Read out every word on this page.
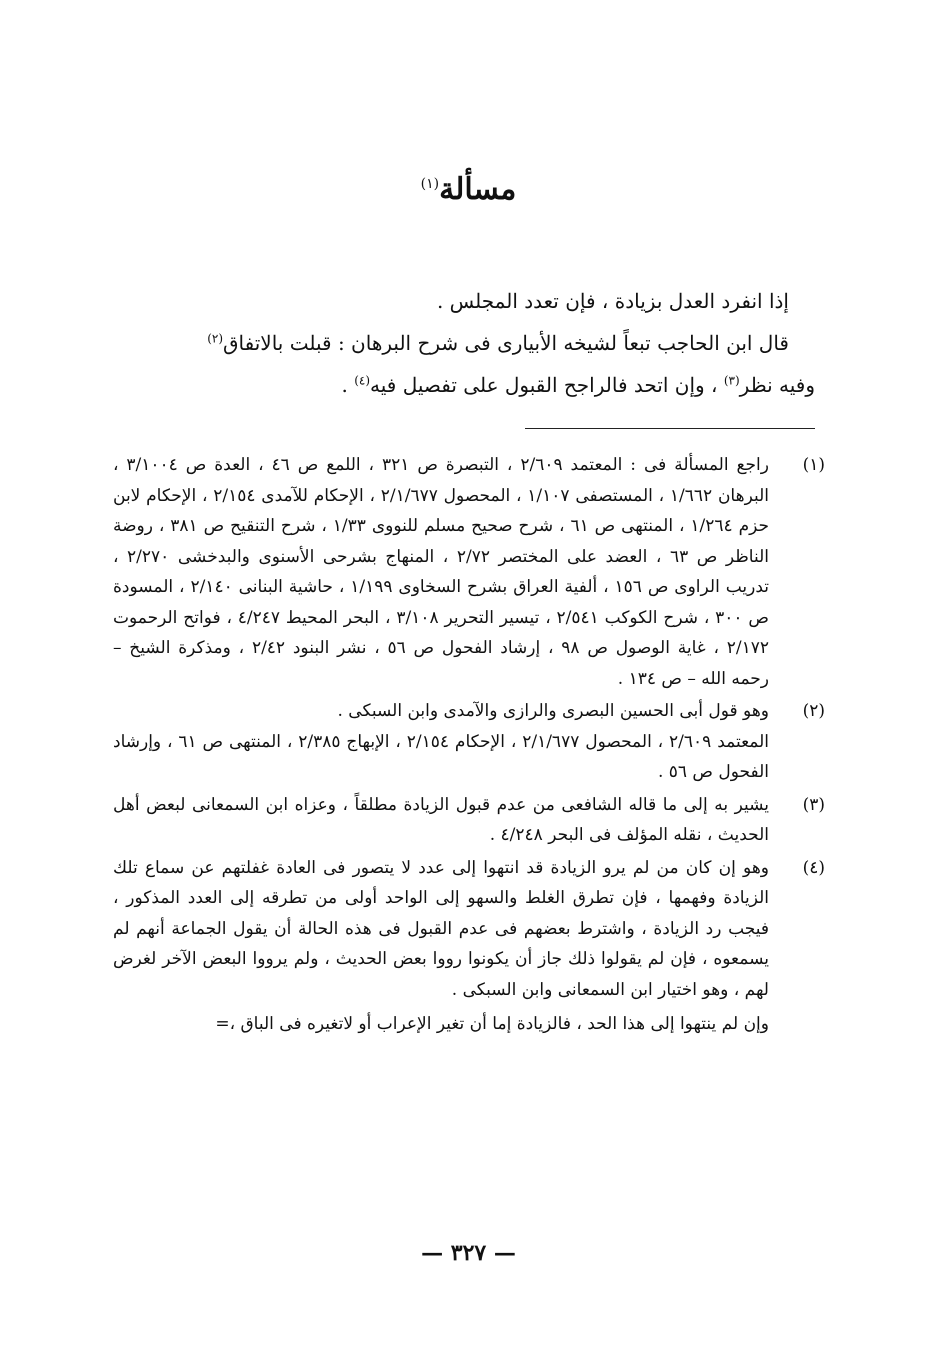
مسألة$^{(١)}$

إذا انفرد العدل بزيادة ، فإن تعدد المجلس .

قال ابن الحاجب تبعاً لشيخه الأبيارى فى شرح البرهان : قبلت بالاتفاق$^{(٢)}$

وفيه نظر$^{(٣)}$ ، وإن اتحد فالراجح القبول على تفصيل فيه$^{(٤)}$ .

(١)

راجع المسألة فى : المعتمد ٢/٦٠٩ ، التبصرة ص ٣٢١ ، اللمع ص ٤٦ ، العدة ص ٣/١٠٠٤ ، البرهان ١/٦٦٢ ، المستصفى ١/١٠٧ ، المحصول ٢/١/٦٧٧ ، الإحكام للآمدى ٢/١٥٤ ، الإحكام لابن حزم ١/٢٦٤ ، المنتهى ص ٦١ ، شرح صحيح مسلم للنووى ١/٣٣ ، شرح التنقيح ص ٣٨١ ، روضة الناظر ص ٦٣ ، العضد على المختصر ٢/٧٢ ، المنهاج بشرحى الأسنوى والبدخشى ٢/٢٧٠ ، تدريب الراوى ص ١٥٦ ، ألفية العراق بشرح السخاوى ١/١٩٩ ، حاشية البنانى ٢/١٤٠ ، المسودة ص ٣٠٠ ، شرح الكوكب ٢/٥٤١ ، تيسير التحرير ٣/١٠٨ ، البحر المحيط ٤/٢٤٧ ، فواتح الرحموت ٢/١٧٢ ، غاية الوصول ص ٩٨ ، إرشاد الفحول ص ٥٦ ، نشر البنود ٢/٤٢ ، ومذكرة الشيخ – رحمه الله – ص ١٣٤ .

(٢)

وهو قول أبى الحسين البصرى والرازى والآمدى وابن السبكى .

المعتمد ٢/٦٠٩ ، المحصول ٢/١/٦٧٧ ، الإحكام ٢/١٥٤ ، الإبهاج ٢/٣٨٥ ، المنتهى ص ٦١ ، وإرشاد الفحول ص ٥٦ .

(٣)

يشير به إلى ما قاله الشافعى من عدم قبول الزيادة مطلقاً ، وعزاه ابن السمعانى لبعض أهل الحديث ، نقله المؤلف فى البحر ٤/٢٤٨ .

(٤)

وهو إن كان من لم يرو الزيادة قد انتهوا إلى عدد لا يتصور فى العادة غفلتهم عن سماع تلك الزيادة وفهمها ، فإن تطرق الغلط والسهو إلى الواحد أولى من تطرقه إلى العدد المذكور ، فيجب رد الزيادة ، واشترط بعضهم فى عدم القبول فى هذه الحالة أن يقول الجماعة أنهم لم يسمعوه ، فإن لم يقولوا ذلك جاز أن يكونوا رووا بعض الحديث ، ولم يرووا البعض الآخر لغرض لهم ، وهو اختيار ابن السمعانى وابن السبكى .

وإن لم ينتهوا إلى هذا الحد ، فالزيادة إما أن تغير الإعراب أو لاتغيره فى الباق ،=

— ٣٢٧ —
